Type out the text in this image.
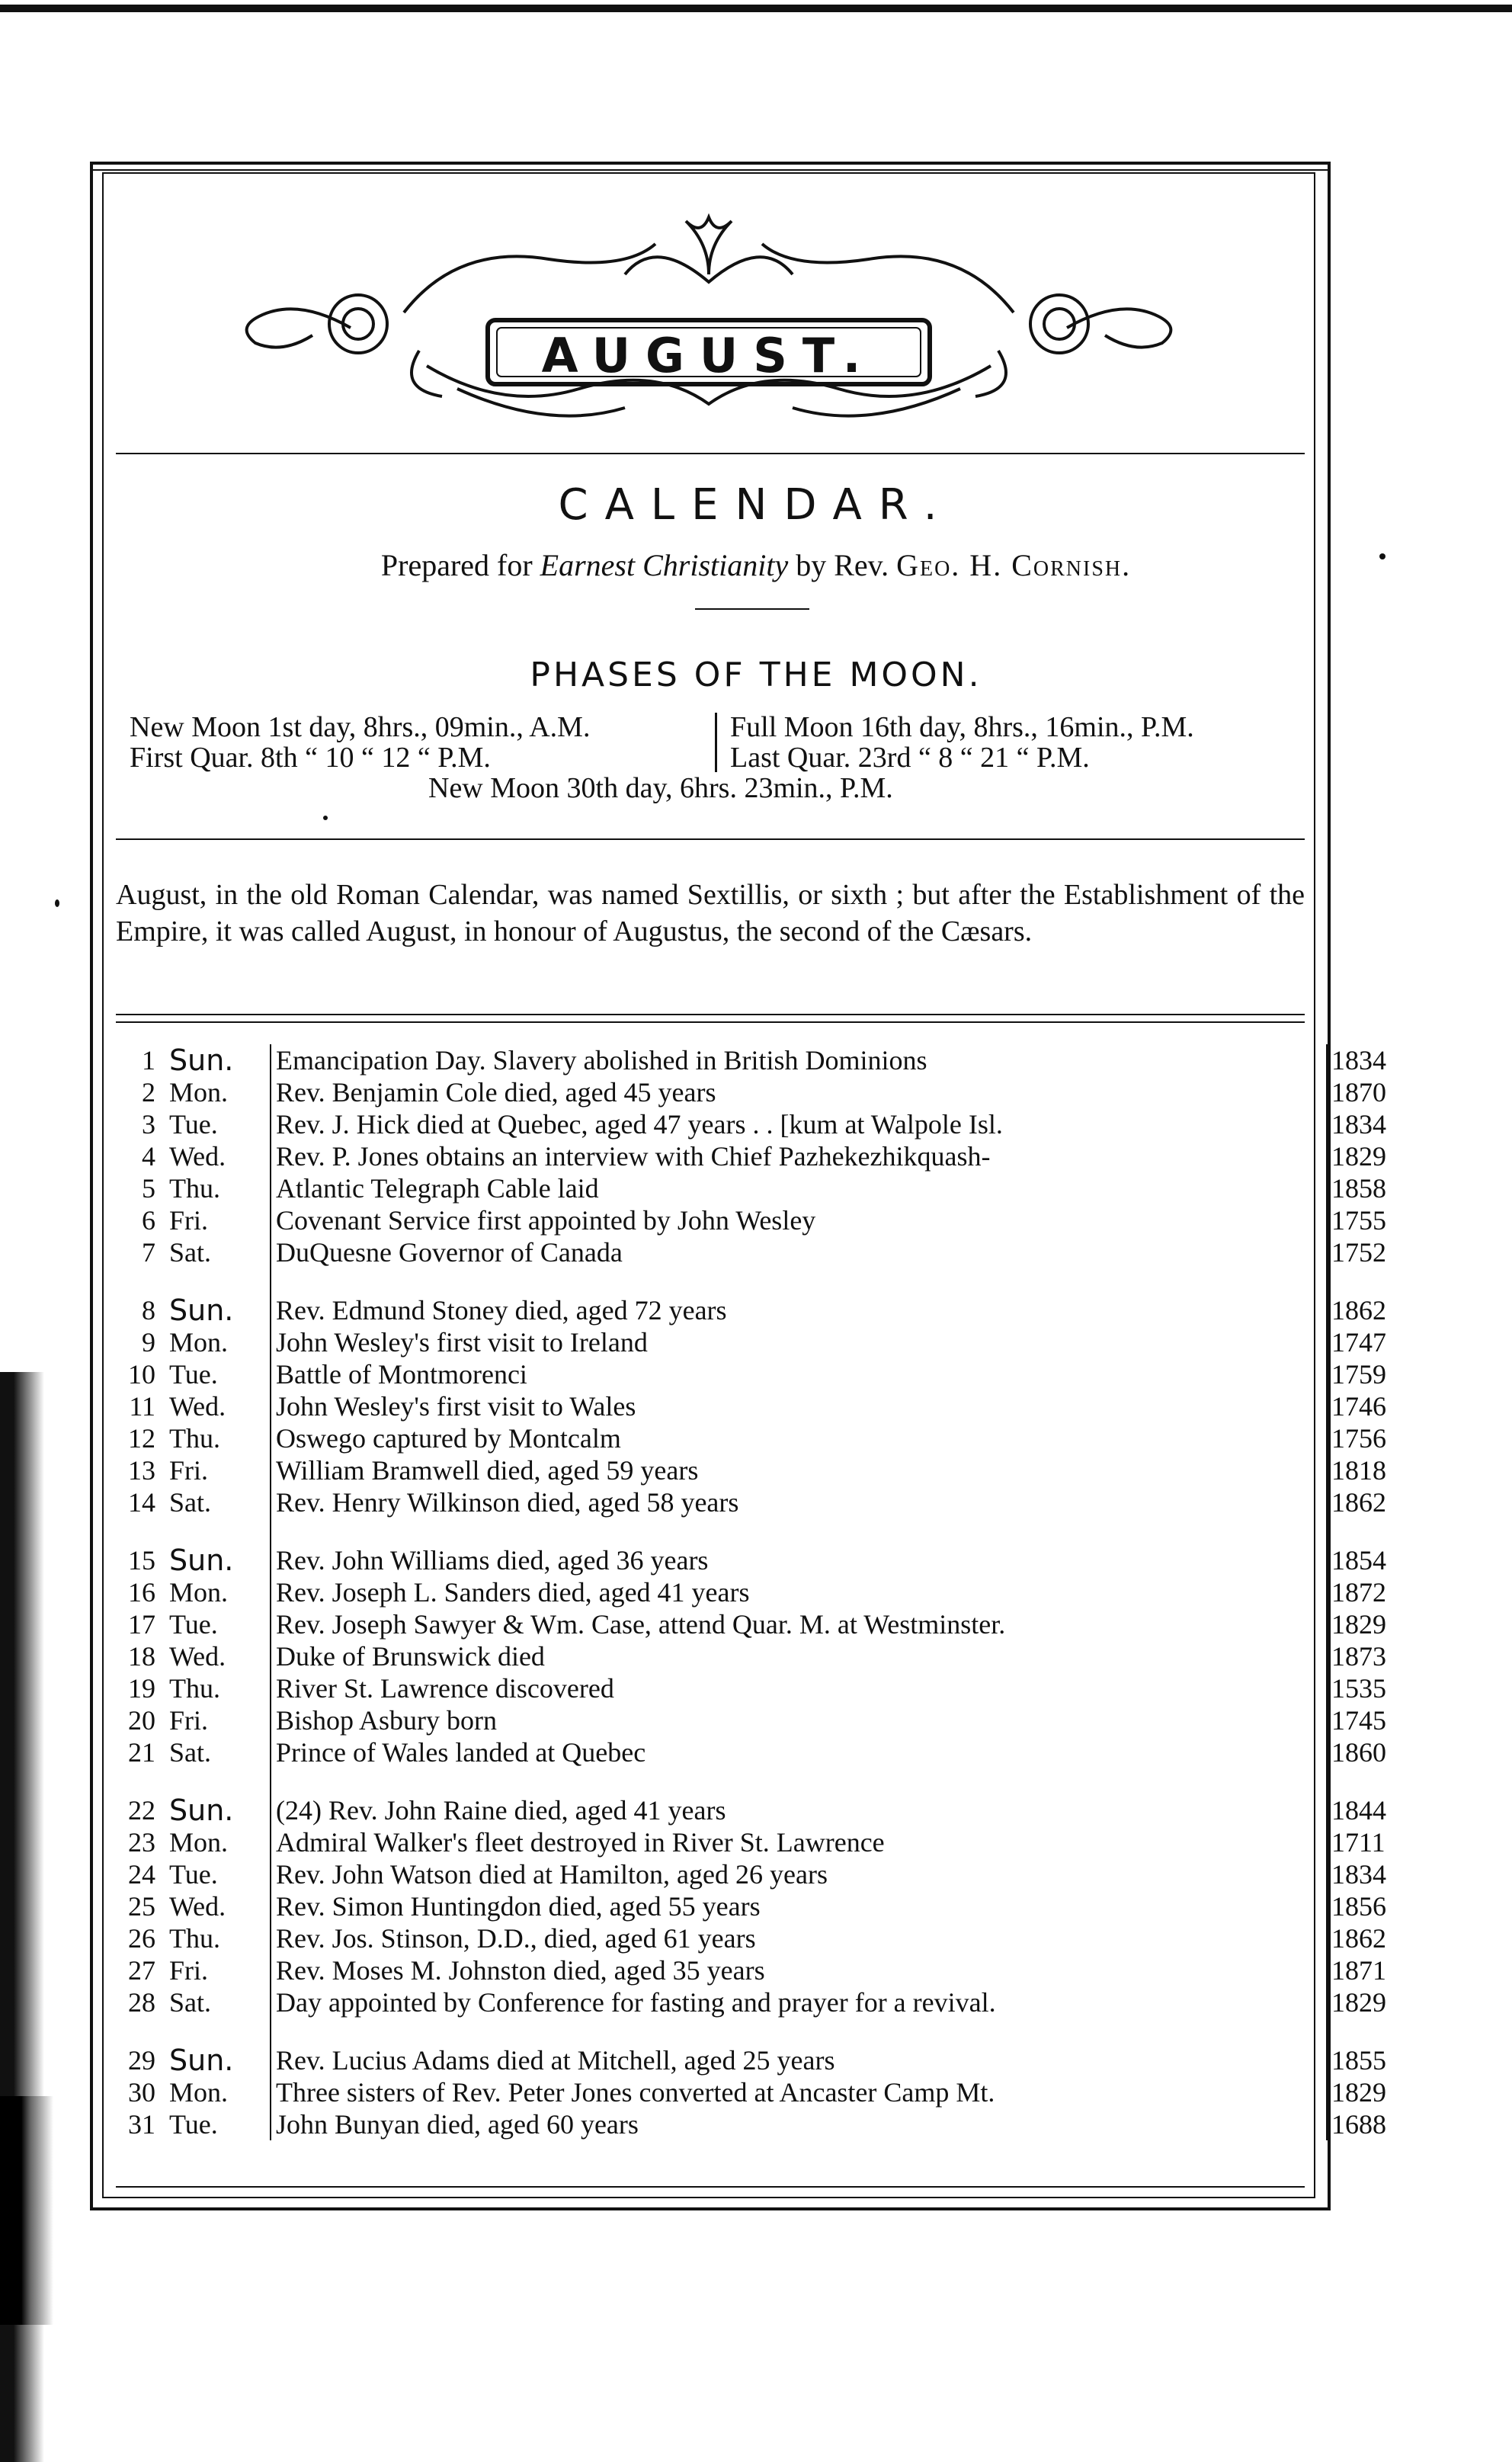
AUGUST.
CALENDAR.
Prepared for Earnest Christianity by Rev. Geo. H. Cornish.
PHASES OF THE MOON.
New Moon 1st day, 8hrs., 09min., A.M.	Full Moon 16th day, 8hrs., 16min., P.M.
First Quar. 8th “ 10 “ 12 “ P.M.	Last Quar. 23rd “ 8 “ 21 “ P.M.
New Moon 30th day, 6hrs. 23min., P.M.
August, in the old Roman Calendar, was named Sextillis, or sixth ; but after the Establishment of the Empire, it was called August, in honour of Augustus, the second of the Cæsars.
1 Sun.	Emancipation Day. Slavery abolished in British Dominions	1834
2 Mon.	Rev. Benjamin Cole died, aged 45 years	1870
3 Tue.	Rev. J. Hick died at Quebec, aged 47 years . . [kum at Walpole Isl.	1834
4 Wed.	Rev. P. Jones obtains an interview with Chief Pazhekezhikquash-	1829
5 Thu.	Atlantic Telegraph Cable laid	1858
6 Fri.	Covenant Service first appointed by John Wesley	1755
7 Sat.	DuQuesne Governor of Canada	1752
8 Sun.	Rev. Edmund Stoney died, aged 72 years	1862
9 Mon.	John Wesley's first visit to Ireland	1747
10 Tue.	Battle of Montmorenci	1759
11 Wed.	John Wesley's first visit to Wales	1746
12 Thu.	Oswego captured by Montcalm	1756
13 Fri.	William Bramwell died, aged 59 years	1818
14 Sat.	Rev. Henry Wilkinson died, aged 58 years	1862
15 Sun.	Rev. John Williams died, aged 36 years	1854
16 Mon.	Rev. Joseph L. Sanders died, aged 41 years	1872
17 Tue.	Rev. Joseph Sawyer & Wm. Case, attend Quar. M. at Westminster.	1829
18 Wed.	Duke of Brunswick died	1873
19 Thu.	River St. Lawrence discovered	1535
20 Fri.	Bishop Asbury born	1745
21 Sat.	Prince of Wales landed at Quebec	1860
22 Sun.	(24) Rev. John Raine died, aged 41 years	1844
23 Mon.	Admiral Walker's fleet destroyed in River St. Lawrence	1711
24 Tue.	Rev. John Watson died at Hamilton, aged 26 years	1834
25 Wed.	Rev. Simon Huntingdon died, aged 55 years	1856
26 Thu.	Rev. Jos. Stinson, D.D., died, aged 61 years	1862
27 Fri.	Rev. Moses M. Johnston died, aged 35 years	1871
28 Sat.	Day appointed by Conference for fasting and prayer for a revival.	1829
29 Sun.	Rev. Lucius Adams died at Mitchell, aged 25 years	1855
30 Mon.	Three sisters of Rev. Peter Jones converted at Ancaster Camp Mt.	1829
31 Tue.	John Bunyan died, aged 60 years	1688
